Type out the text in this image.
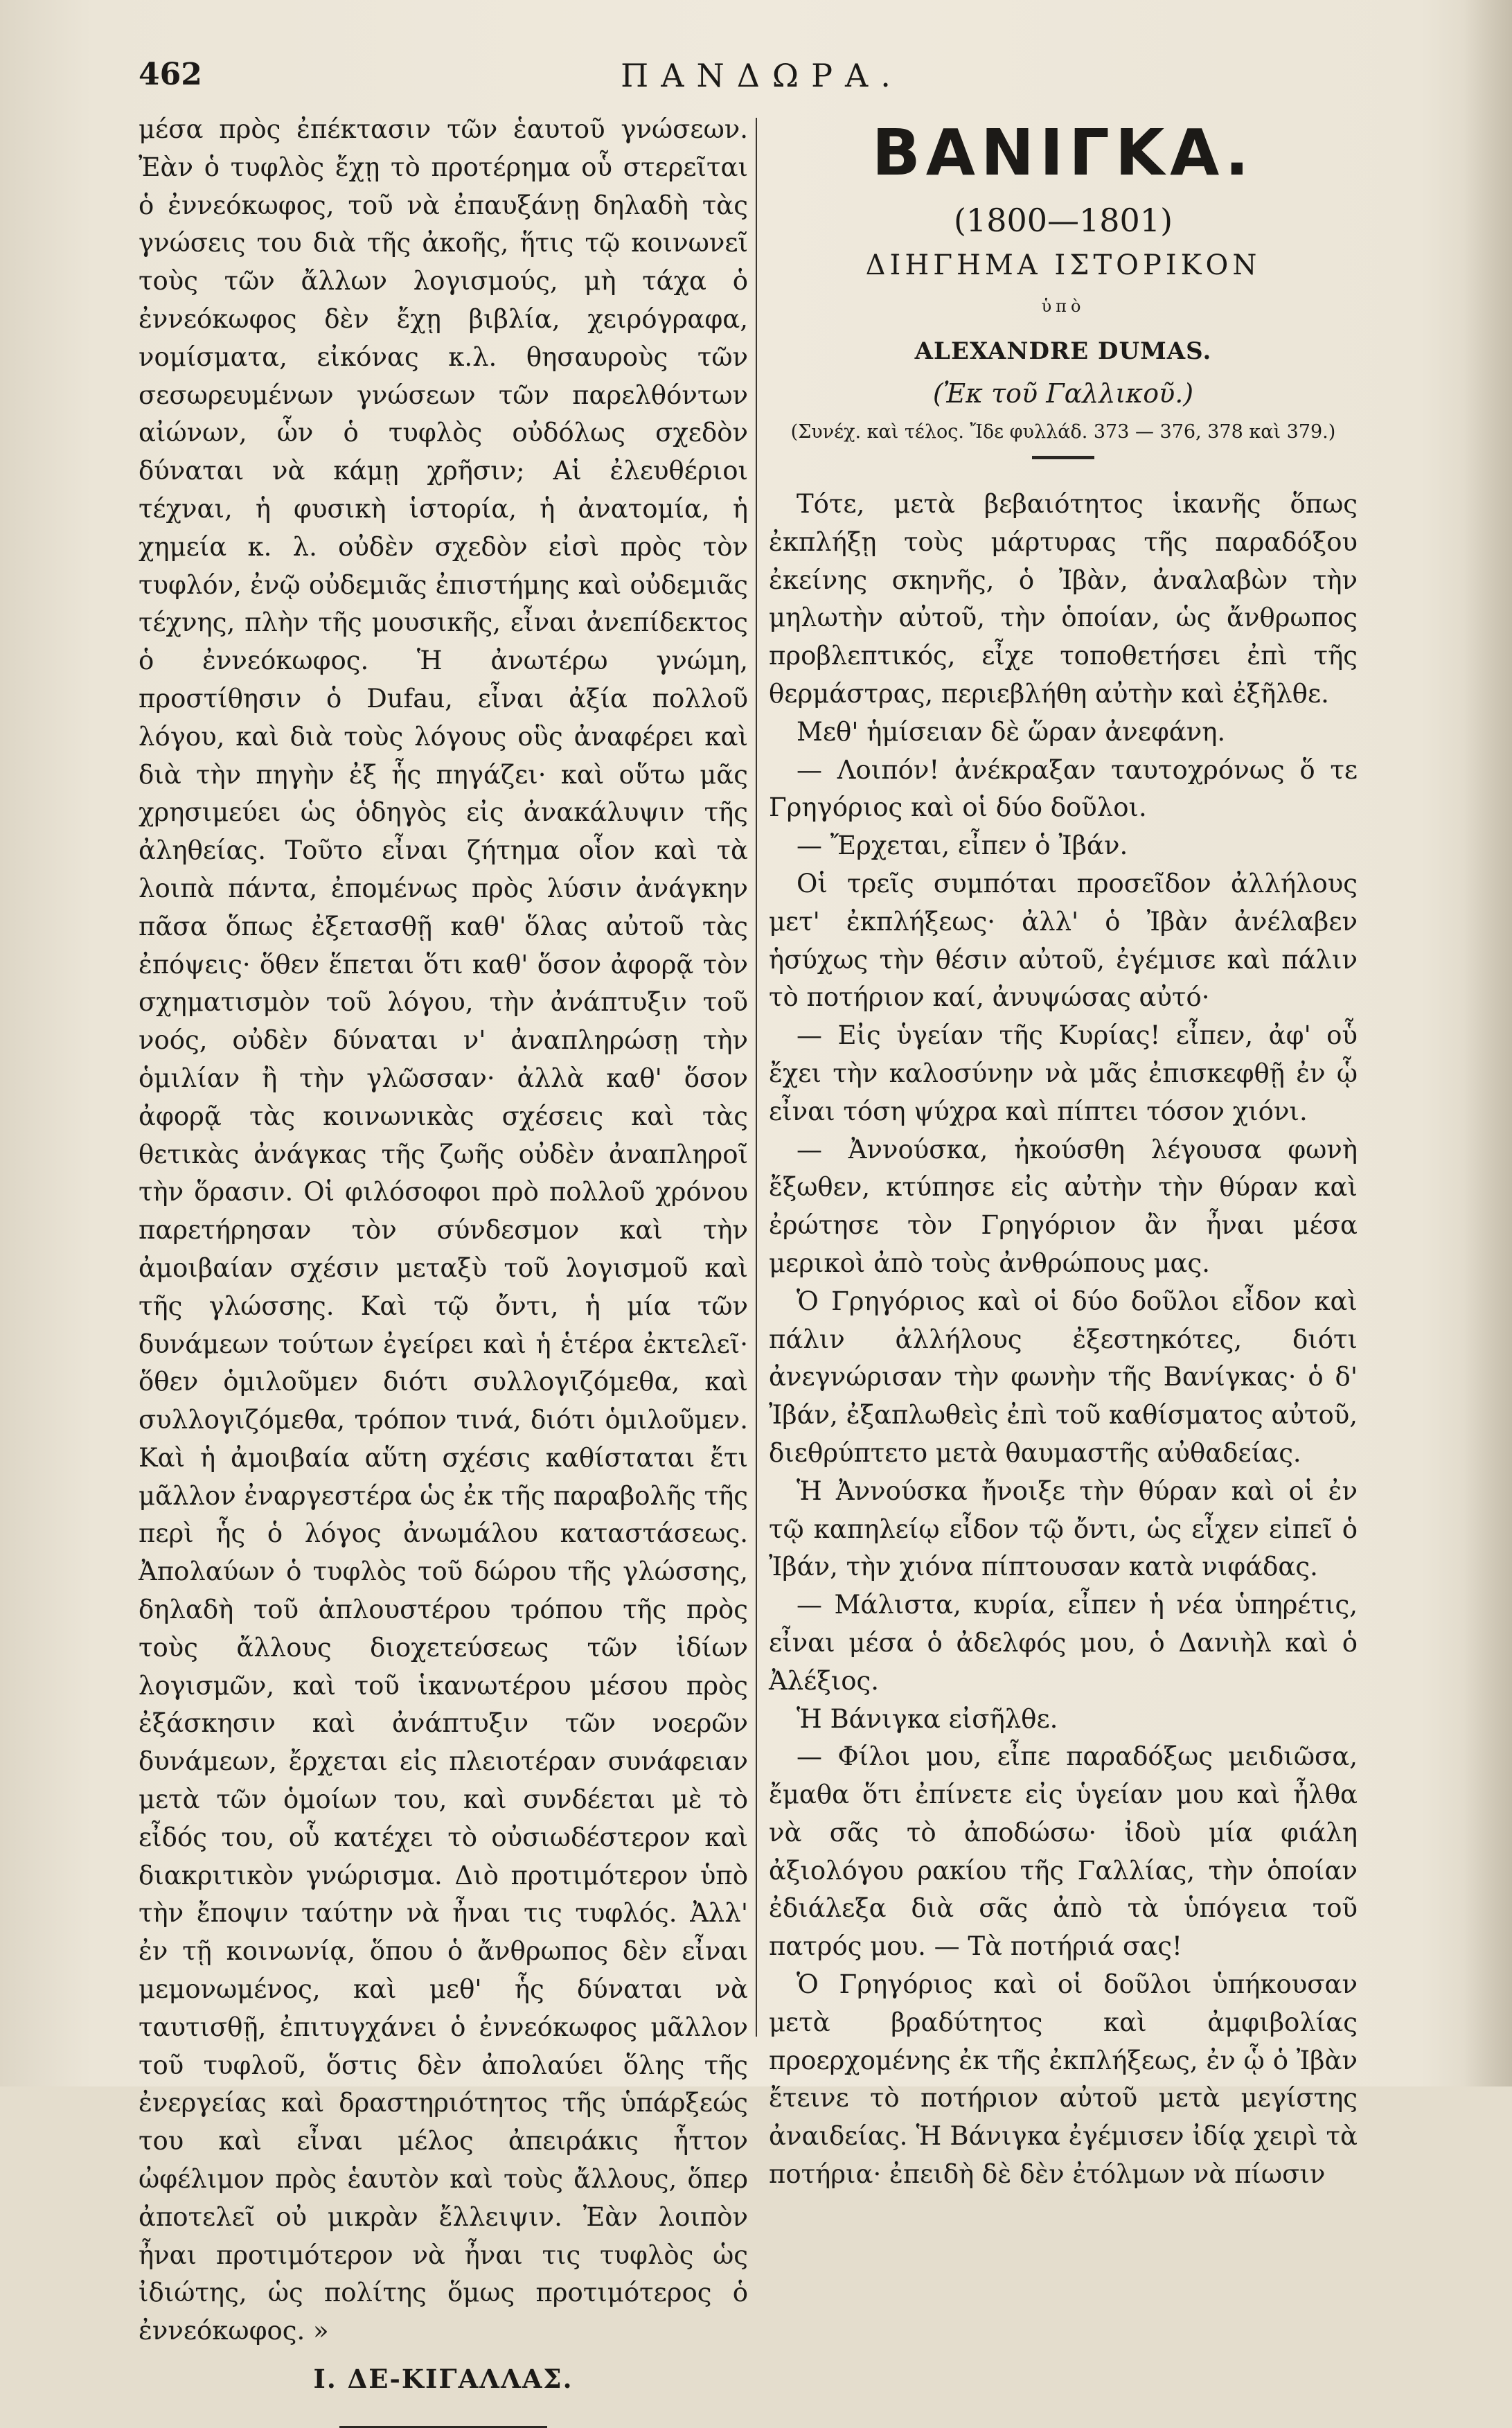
462	ΠΑΝΔΩΡΑ.

μέσα πρὸς ἐπέκτασιν τῶν ἑαυτοῦ γνώσεων. Ἐὰν ὁ τυφλὸς ἔχῃ τὸ προτέρημα οὗ στερεῖται ὁ ἐννεόκωφος, τοῦ νὰ ἐπαυξάνῃ δηλαδὴ τὰς γνώσεις του διὰ τῆς ἀκοῆς, ἥτις τῷ κοινωνεῖ τοὺς τῶν ἄλλων λογισμούς, μὴ τάχα ὁ ἐννεόκωφος δὲν ἔχῃ βιβλία, χειρόγραφα, νομίσματα, εἰκόνας κ.λ. θησαυροὺς τῶν σεσωρευμένων γνώσεων τῶν παρελθόντων αἰώνων, ὧν ὁ τυφλὸς οὐδόλως σχεδὸν δύναται νὰ κάμῃ χρῆσιν; Αἱ ἐλευθέριοι τέχναι, ἡ φυσικὴ ἱστορία, ἡ ἀνατομία, ἡ χημεία κ. λ. οὐδὲν σχεδὸν εἰσὶ πρὸς τὸν τυφλόν, ἐνῷ οὐδεμιᾶς ἐπιστήμης καὶ οὐδεμιᾶς τέχνης, πλὴν τῆς μουσικῆς, εἶναι ἀνεπίδεκτος ὁ ἐννεόκωφος. Ἡ ἀνωτέρω γνώμη, προστίθησιν ὁ Dufau, εἶναι ἀξία πολλοῦ λόγου, καὶ διὰ τοὺς λόγους οὓς ἀναφέρει καὶ διὰ τὴν πηγὴν ἐξ ἧς πηγάζει· καὶ οὕτω μᾶς χρησιμεύει ὡς ὁδηγὸς εἰς ἀνακάλυψιν τῆς ἀληθείας. Τοῦτο εἶναι ζήτημα οἷον καὶ τὰ λοιπὰ πάντα, ἐπομένως πρὸς λύσιν ἀνάγκην πᾶσα ὅπως ἐξετασθῇ καθ' ὅλας αὐτοῦ τὰς ἐπόψεις· ὅθεν ἕπεται ὅτι καθ' ὅσον ἀφορᾷ τὸν σχηματισμὸν τοῦ λόγου, τὴν ἀνάπτυξιν τοῦ νοός, οὐδὲν δύναται ν' ἀναπληρώσῃ τὴν ὁμιλίαν ἢ τὴν γλῶσσαν· ἀλλὰ καθ' ὅσον ἀφορᾷ τὰς κοινωνικὰς σχέσεις καὶ τὰς θετικὰς ἀνάγκας τῆς ζωῆς οὐδὲν ἀναπληροῖ τὴν ὅρασιν. Οἱ φιλόσοφοι πρὸ πολλοῦ χρόνου παρετήρησαν τὸν σύνδεσμον καὶ τὴν ἀμοιβαίαν σχέσιν μεταξὺ τοῦ λογισμοῦ καὶ τῆς γλώσσης. Καὶ τῷ ὄντι, ἡ μία τῶν δυνάμεων τούτων ἐγείρει καὶ ἡ ἑτέρα ἐκτελεῖ· ὅθεν ὁμιλοῦμεν διότι συλλογιζόμεθα, καὶ συλλογιζόμεθα, τρόπον τινά, διότι ὁμιλοῦμεν. Καὶ ἡ ἀμοιβαία αὕτη σχέσις καθίσταται ἔτι μᾶλλον ἐναργεστέρα ὡς ἐκ τῆς παραβολῆς τῆς περὶ ἧς ὁ λόγος ἀνωμάλου καταστάσεως. Ἀπολαύων ὁ τυφλὸς τοῦ δώρου τῆς γλώσσης, δηλαδὴ τοῦ ἁπλουστέρου τρόπου τῆς πρὸς τοὺς ἄλλους διοχετεύσεως τῶν ἰδίων λογισμῶν, καὶ τοῦ ἱκανωτέρου μέσου πρὸς ἐξάσκησιν καὶ ἀνάπτυξιν τῶν νοερῶν δυνάμεων, ἔρχεται εἰς πλειοτέραν συνάφειαν μετὰ τῶν ὁμοίων του, καὶ συνδέεται μὲ τὸ εἶδός του, οὗ κατέχει τὸ οὐσιωδέστερον καὶ διακριτικὸν γνώρισμα. Διὸ προτιμότερον ὑπὸ τὴν ἔποψιν ταύτην νὰ ἦναι τις τυφλός. Ἀλλ' ἐν τῇ κοινωνίᾳ, ὅπου ὁ ἄνθρωπος δὲν εἶναι μεμονωμένος, καὶ μεθ' ἧς δύναται νὰ ταυτισθῇ, ἐπιτυγχάνει ὁ ἐννεόκωφος μᾶλλον τοῦ τυφλοῦ, ὅστις δὲν ἀπολαύει ὅλης τῆς ἐνεργείας καὶ δραστηριότητος τῆς ὑπάρξεώς του καὶ εἶναι μέλος ἀπειράκις ἧττον ὠφέλιμον πρὸς ἑαυτὸν καὶ τοὺς ἄλλους, ὅπερ ἀποτελεῖ οὐ μικρὰν ἔλλειψιν. Ἐὰν λοιπὸν ἦναι προτιμότερον νὰ ἦναι τις τυφλὸς ὡς ἰδιώτης, ὡς πολίτης ὅμως προτιμότερος ὁ ἐννεόκωφος. »

Ι. ΔΕ-ΚΙΓΑΛΛΑΣ.

ΒΑΝΙΓΚΑ.

(1800—1801)

ΔΙΗΓΗΜΑ ΙΣΤΟΡΙΚΟΝ

ὑπὸ

ALEXANDRE DUMAS.

(Ἐκ τοῦ Γαλλικοῦ.)

(Συνέχ. καὶ τέλος. Ἴδε φυλλάδ. 373 — 376, 378 καὶ 379.)

Τότε, μετὰ βεβαιότητος ἱκανῆς ὅπως ἐκπλήξῃ τοὺς μάρτυρας τῆς παραδόξου ἐκείνης σκηνῆς, ὁ Ἰβὰν, ἀναλαβὼν τὴν μηλωτὴν αὐτοῦ, τὴν ὁποίαν, ὡς ἄνθρωπος προβλεπτικός, εἶχε τοποθετήσει ἐπὶ τῆς θερμάστρας, περιεβλήθη αὐτὴν καὶ ἐξῆλθε.

Μεθ' ἡμίσειαν δὲ ὥραν ἀνεφάνη.

— Λοιπόν! ἀνέκραξαν ταυτοχρόνως ὅ τε Γρηγόριος καὶ οἱ δύο δοῦλοι.

— Ἔρχεται, εἶπεν ὁ Ἰβάν.

Οἱ τρεῖς συμπόται προσεῖδον ἀλλήλους μετ' ἐκπλήξεως· ἀλλ' ὁ Ἰβὰν ἀνέλαβεν ἡσύχως τὴν θέσιν αὐτοῦ, ἐγέμισε καὶ πάλιν τὸ ποτήριον καί, ἀνυψώσας αὐτό·

— Εἰς ὑγείαν τῆς Κυρίας! εἶπεν, ἀφ' οὗ ἔχει τὴν καλοσύνην νὰ μᾶς ἐπισκεφθῇ ἐν ᾧ εἶναι τόση ψύχρα καὶ πίπτει τόσον χιόνι.

— Ἀννούσκα, ἠκούσθη λέγουσα φωνὴ ἔξωθεν, κτύπησε εἰς αὐτὴν τὴν θύραν καὶ ἐρώτησε τὸν Γρηγόριον ἂν ἦναι μέσα μερικοὶ ἀπὸ τοὺς ἀνθρώπους μας.

Ὁ Γρηγόριος καὶ οἱ δύο δοῦλοι εἶδον καὶ πάλιν ἀλλήλους ἐξεστηκότες, διότι ἀνεγνώρισαν τὴν φωνὴν τῆς Βανίγκας· ὁ δ' Ἰβάν, ἐξαπλωθεὶς ἐπὶ τοῦ καθίσματος αὐτοῦ, διεθρύπτετο μετὰ θαυμαστῆς αὐθαδείας.

Ἡ Ἀννούσκα ἤνοιξε τὴν θύραν καὶ οἱ ἐν τῷ καπηλείῳ εἶδον τῷ ὄντι, ὡς εἶχεν εἰπεῖ ὁ Ἰβάν, τὴν χιόνα πίπτουσαν κατὰ νιφάδας.

— Μάλιστα, κυρία, εἶπεν ἡ νέα ὑπηρέτις, εἶναι μέσα ὁ ἀδελφός μου, ὁ Δανιὴλ καὶ ὁ Ἀλέξιος.

Ἡ Βάνιγκα εἰσῆλθε.

— Φίλοι μου, εἶπε παραδόξως μειδιῶσα, ἔμαθα ὅτι ἐπίνετε εἰς ὑγείαν μου καὶ ἦλθα νὰ σᾶς τὸ ἀποδώσω· ἰδοὺ μία φιάλη ἀξιολόγου ρακίου τῆς Γαλλίας, τὴν ὁποίαν ἐδιάλεξα διὰ σᾶς ἀπὸ τὰ ὑπόγεια τοῦ πατρός μου. — Τὰ ποτήριά σας!

Ὁ Γρηγόριος καὶ οἱ δοῦλοι ὑπήκουσαν μετὰ βραδύτητος καὶ ἀμφιβολίας προερχομένης ἐκ τῆς ἐκπλήξεως, ἐν ᾧ ὁ Ἰβὰν ἔτεινε τὸ ποτήριον αὐτοῦ μετὰ μεγίστης ἀναιδείας. Ἡ Βάνιγκα ἐγέμισεν ἰδίᾳ χειρὶ τὰ ποτήρια· ἐπειδὴ δὲ δὲν ἐτόλμων νὰ πίωσιν
